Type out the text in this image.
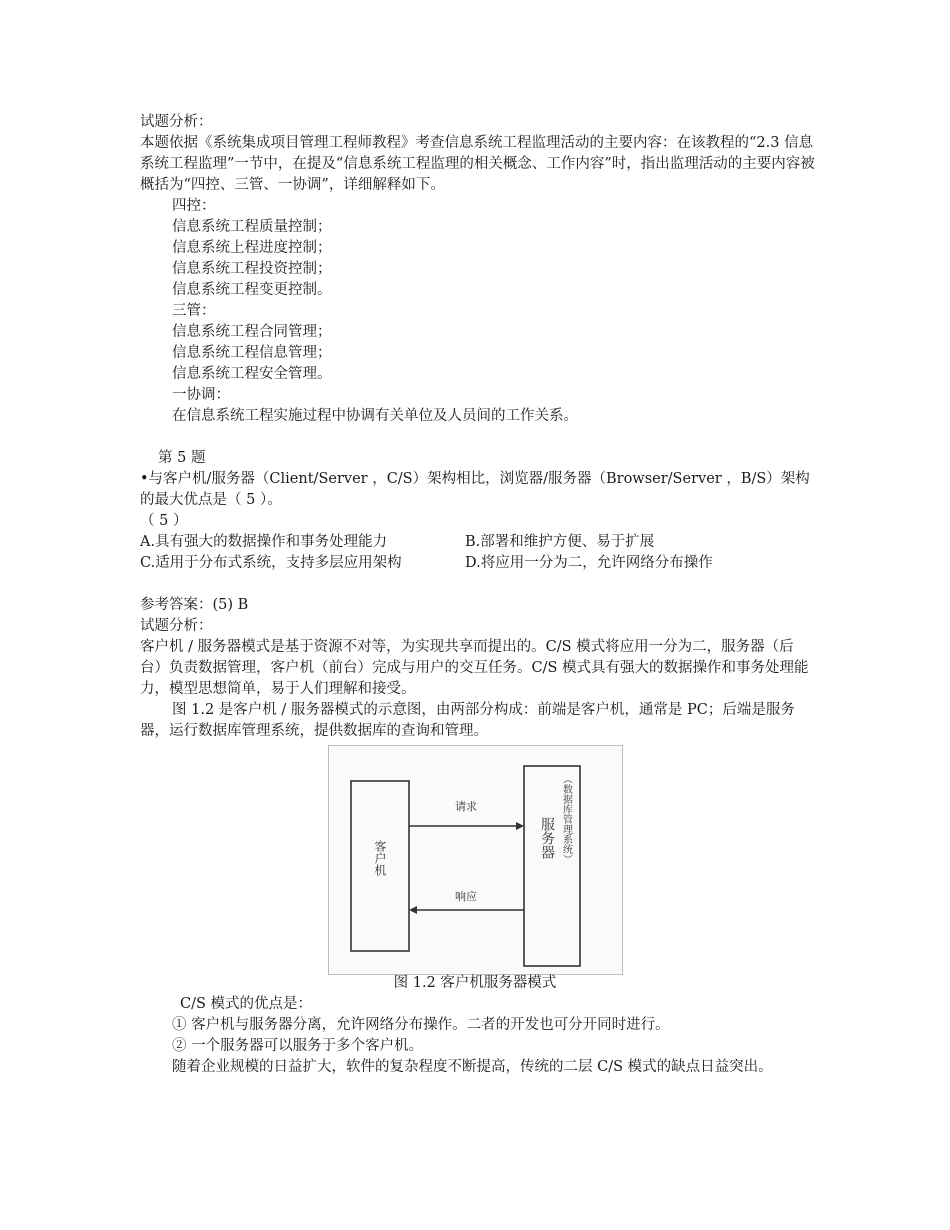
试题分析：
本题依据《系统集成项目管理工程师教程》考查信息系统工程监理活动的主要内容：在该教程的“2.3 信息系统工程监理”一节中，在提及“信息系统工程监理的相关概念、工作内容”时，指出监理活动的主要内容被概括为“四控、三管、一协调”，详细解释如下。
四控：
信息系统工程质量控制；
信息系统上程进度控制；
信息系统工程投资控制；
信息系统工程变更控制。
三管：
信息系统工程合同管理；
信息系统工程信息管理；
信息系统工程安全管理。
一协调：
在信息系统工程实施过程中协调有关单位及人员间的工作关系。
第 5 题
•与客户机/服务器（Client/Server ，C/S）架构相比，浏览器/服务器（Browser/Server ，B/S）架构的最大优点是（ 5 ）。
（ 5 ）
A.具有强大的数据操作和事务处理能力	B.部署和维护方便、易于扩展
C.适用于分布式系统，支持多层应用架构	D.将应用一分为二，允许网络分布操作
参考答案：(5) B
试题分析：
客户机 / 服务器模式是基于资源不对等，为实现共享而提出的。C/S 模式将应用一分为二，服务器（后台）负责数据管理，客户机（前台）完成与用户的交互任务。C/S 模式具有强大的数据操作和事务处理能力，模型思想简单，易于人们理解和接受。
图 1.2 是客户机 / 服务器模式的示意图，由两部分构成：前端是客户机，通常是 PC；后端是服务器，运行数据库管理系统，提供数据库的查询和管理。
客户机	服务器 （数据库管理系统）
请求
响应
图 1.2 客户机服务器模式
C/S 模式的优点是：
① 客户机与服务器分离，允许网络分布操作。二者的开发也可分开同时进行。
② 一个服务器可以服务于多个客户机。
随着企业规模的日益扩大，软件的复杂程度不断提高，传统的二层 C/S 模式的缺点日益突出。
